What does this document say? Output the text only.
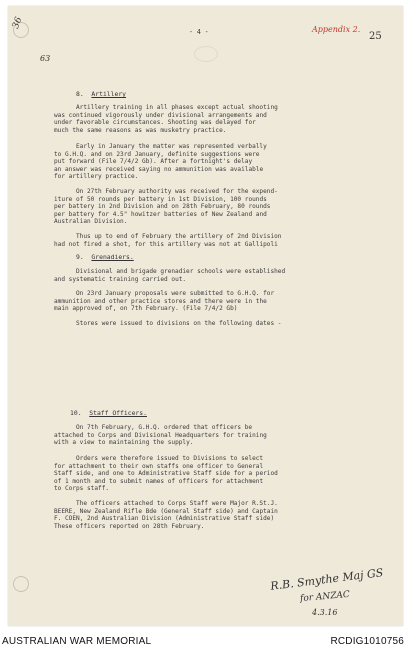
36
63
- 4 -	Appendix 2.
25
8. Artillery
Artillery training in all phases except actual shooting
was continued vigorously under divisional arrangements and
under favorable circumstances. Shooting was delayed for
much the same reasons as was musketry practice.
Early in January the matter was represented verbally
to G.H.Q. and on 23rd January, definite suggestions were
put forward (File 7/4/2 Gb). After a fortnight's delay
an answer was received saying no ammunition was available
for artillery practice.
On 27th February authority was received for the expend-
iture of 50 rounds per battery in 1st Division, 100 rounds
per battery in 2nd Division and on 28th February, 80 rounds
per battery for 4.5" howitzer batteries of New Zealand and
Australian Division.
Thus up to end of February the artillery of 2nd Division
had not fired a shot, for this artillery was not at Gallipoli
9. Grenadiers.
Divisional and brigade grenadier schools were established
and systematic training carried out.
On 23rd January proposals were submitted to G.H.Q. for
ammunition and other practice stores and there were in the
main approved of, on 7th February. (File 7/4/2 Gb)
Stores were issued to divisions on the following dates -
10. Staff Officers.
On 7th February, G.H.Q. ordered that officers be
attached to Corps and Divisional Headquarters for training
with a view to maintaining the supply.
Orders were therefore issued to Divisions to select
for attachment to their own staffs one officer to General
Staff side, and one to Administrative Staff side for a period
of 1 month and to submit names of officers for attachment
to Corps staff.
The officers attached to Corps Staff were Major R.St.J.
BEERE, New Zealand Rifle Bde (General Staff side) and Captain
F. COEN, 2nd Australian Division (Administrative Staff side)
These officers reported on 28th February.
R.B. Smythe Maj GS
for ANZAC
4.3.16
AUSTRALIAN WAR MEMORIAL	RCDIG1010756
